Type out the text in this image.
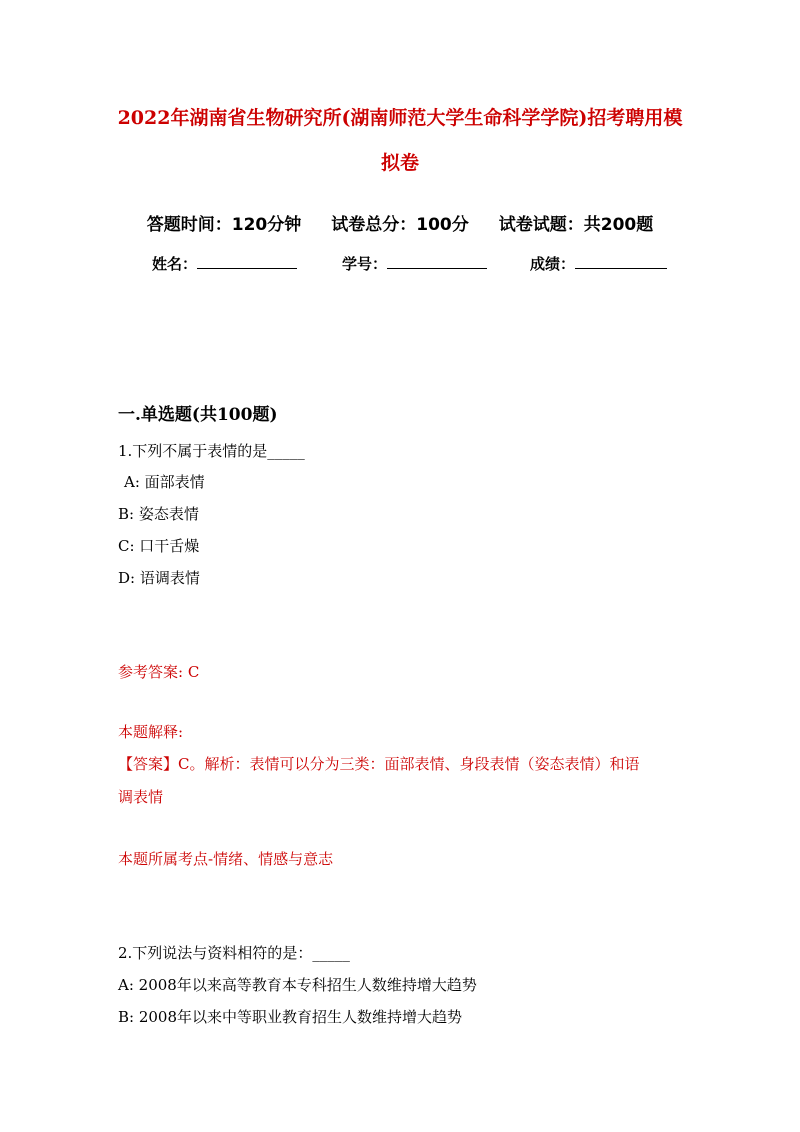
2022年湖南省生物研究所(湖南师范大学生命科学学院)招考聘用模
拟卷
答题时间：120分钟 试卷总分：100分 试卷试题：共200题
姓名：	学号：	成绩：
一.单选题(共100题)
1.下列不属于表情的是_____
A: 面部表情
B: 姿态表情
C: 口干舌燥
D: 语调表情
参考答案: C
本题解释:
【答案】C。解析：表情可以分为三类：面部表情、身段表情（姿态表情）和语
调表情
本题所属考点-情绪、情感与意志
2.下列说法与资料相符的是：_____
A: 2008年以来高等教育本专科招生人数维持增大趋势
B: 2008年以来中等职业教育招生人数维持增大趋势
